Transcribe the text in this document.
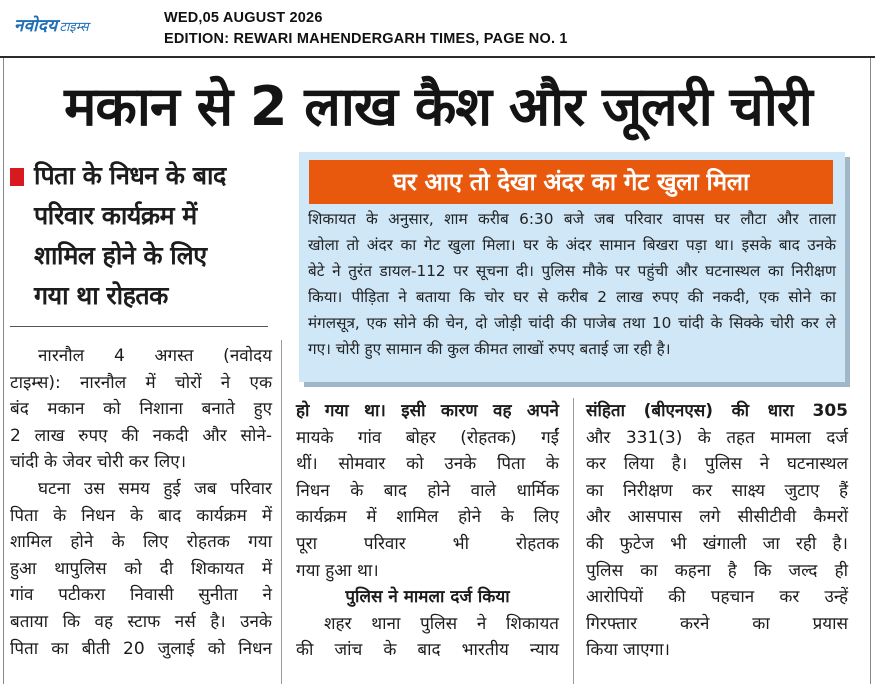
नवोदय टाइम्स
WED,05 AUGUST 2026
EDITION: REWARI MAHENDERGARH TIMES, PAGE NO. 1
मकान से 2 लाख कैश और जूलरी चोरी
पिता के निधन के बाद
परिवार कार्यक्रम में
शामिल होने के लिए
गया था रोहतक
घर आए तो देखा अंदर का गेट खुला मिला
शिकायत के अनुसार, शाम करीब 6:30 बजे जब परिवार वापस घर लौटा और ताला
खोला तो अंदर का गेट खुला मिला। घर के अंदर सामान बिखरा पड़ा था। इसके बाद उनके
बेटे ने तुरंत डायल-112 पर सूचना दी। पुलिस मौके पर पहुंची और घटनास्थल का निरीक्षण
किया। पीड़िता ने बताया कि चोर घर से करीब 2 लाख रुपए की नकदी, एक सोने का
मंगलसूत्र, एक सोने की चेन, दो जोड़ी चांदी की पाजेब तथा 10 चांदी के सिक्के चोरी कर ले
गए। चोरी हुए सामान की कुल कीमत लाखों रुपए बताई जा रही है।
नारनौल 4 अगस्त (नवोदय
टाइम्स): नारनौल में चोरों ने एक
बंद मकान को निशाना बनाते हुए
2 लाख रुपए की नकदी और सोने-
चांदी के जेवर चोरी कर लिए।
घटना उस समय हुई जब परिवार
पिता के निधन के बाद कार्यक्रम में
शामिल होने के लिए रोहतक गया
हुआ थापुलिस को दी शिकायत में
गांव पटीकरा निवासी सुनीता ने
बताया कि वह स्टाफ नर्स है। उनके
पिता का बीती 20 जुलाई को निधन
हो गया था। इसी कारण वह अपने
मायके गांव बोहर (रोहतक) गईं
थीं। सोमवार को उनके पिता के
निधन के बाद होने वाले धार्मिक
कार्यक्रम में शामिल होने के लिए
पूरा परिवार भी रोहतक
गया हुआ था।
पुलिस ने मामला दर्ज किया
शहर थाना पुलिस ने शिकायत
की जांच के बाद भारतीय न्याय
संहिता (बीएनएस) की धारा 305
और 331(3) के तहत मामला दर्ज
कर लिया है। पुलिस ने घटनास्थल
का निरीक्षण कर साक्ष्य जुटाए हैं
और आसपास लगे सीसीटीवी कैमरों
की फुटेज भी खंगाली जा रही है।
पुलिस का कहना है कि जल्द ही
आरोपियों की पहचान कर उन्हें
गिरफ्तार करने का प्रयास
किया जाएगा।
